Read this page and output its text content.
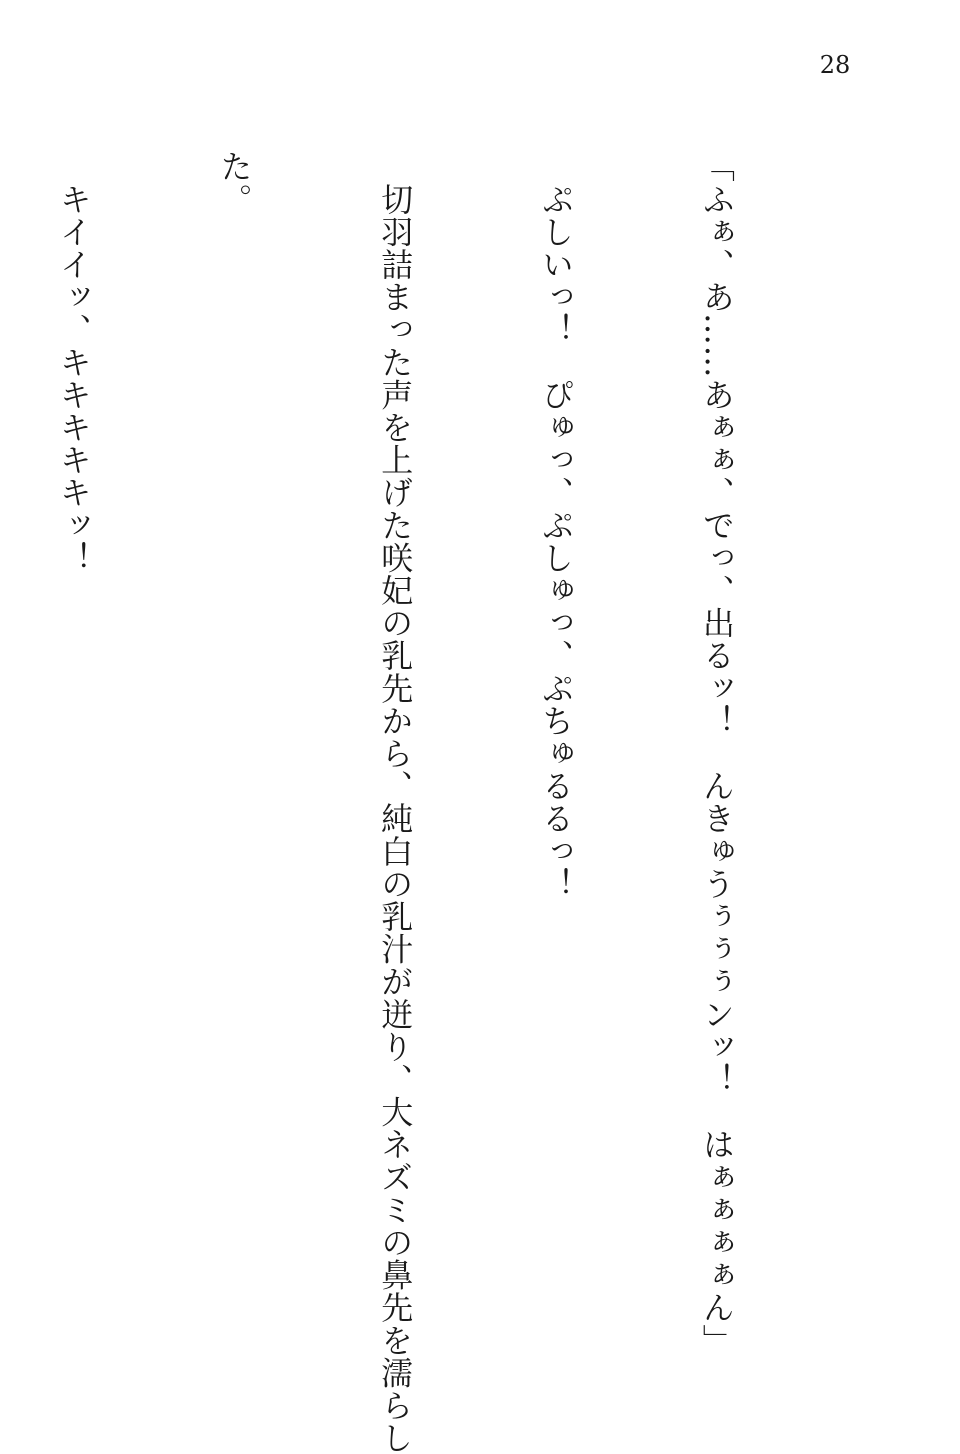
28

「ふぁ、あ……あぁぁ、でっ、出るッ！　んきゅうぅぅぅンッ！　はぁぁぁぁん」

　ぷしいっ！　ぴゅっ、ぷしゅっ、ぷちゅるるっ！

　切羽詰まった声を上げた咲妃の乳先から、純白の乳汁が迸り、大ネズミの鼻先を濡らし

た。

　キイイッ、キキキキキッ！
